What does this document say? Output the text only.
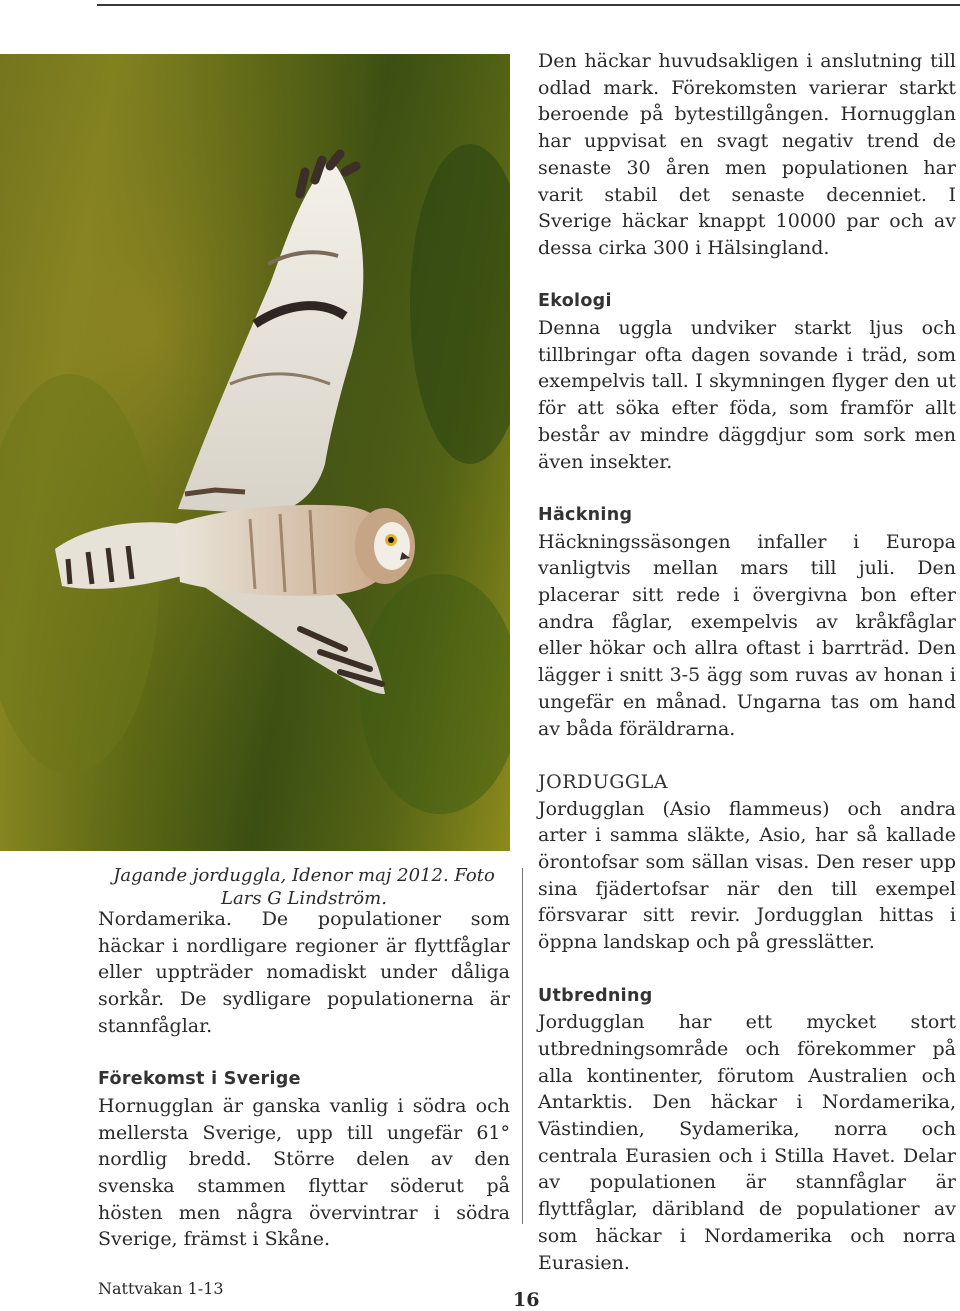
Jagande jorduggla, Idenor maj 2012. Foto Lars G Lindström.

Nordamerika. De populationer som häckar i nordligare regioner är flyttfåglar eller uppträder nomadiskt under dåliga sorkår. De sydligare populationerna är stannfåglar.

Förekomst i Sverige

Hornugglan är ganska vanlig i södra och mellersta Sverige, upp till ungefär 61° nordlig bredd. Större delen av den svenska stammen flyttar söderut på hösten men några övervintrar i södra Sverige, främst i Skåne.

Den häckar huvudsakligen i anslutning till odlad mark. Förekomsten varierar starkt beroende på bytestillgången. Hornugglan har uppvisat en svagt negativ trend de senaste 30 åren men populationen har varit stabil det senaste decenniet. I Sverige häckar knappt 10000 par och av dessa cirka 300 i Hälsingland.

Ekologi

Denna uggla undviker starkt ljus och tillbringar ofta dagen sovande i träd, som exempelvis tall. I skymningen flyger den ut för att söka efter föda, som framför allt består av mindre däggdjur som sork men även insekter.

Häckning

Häckningssäsongen infaller i Europa vanligtvis mellan mars till juli. Den placerar sitt rede i övergivna bon efter andra fåglar, exempelvis av kråkfåglar eller hökar och allra oftast i barrträd. Den lägger i snitt 3-5 ägg som ruvas av honan i ungefär en månad. Ungarna tas om hand av båda föräldrarna.

JORDUGGLA

Jordugglan (Asio flammeus) och andra arter i samma släkte, Asio, har så kallade örontofsar som sällan visas. Den reser upp sina fjädertofsar när den till exempel försvarar sitt revir. Jordugglan hittas i öppna landskap och på gresslätter.

Utbredning

Jordugglan har ett mycket stort utbredningsområde och förekommer på alla kontinenter, förutom Australien och Antarktis. Den häckar i Nordamerika, Västindien, Sydamerika, norra och centrala Eurasien och i Stilla Havet. Delar av populationen är stannfåglar är flyttfåglar, däribland de populationer av som häckar i Nordamerika och norra Eurasien.

Nattvakan 1-13
16
